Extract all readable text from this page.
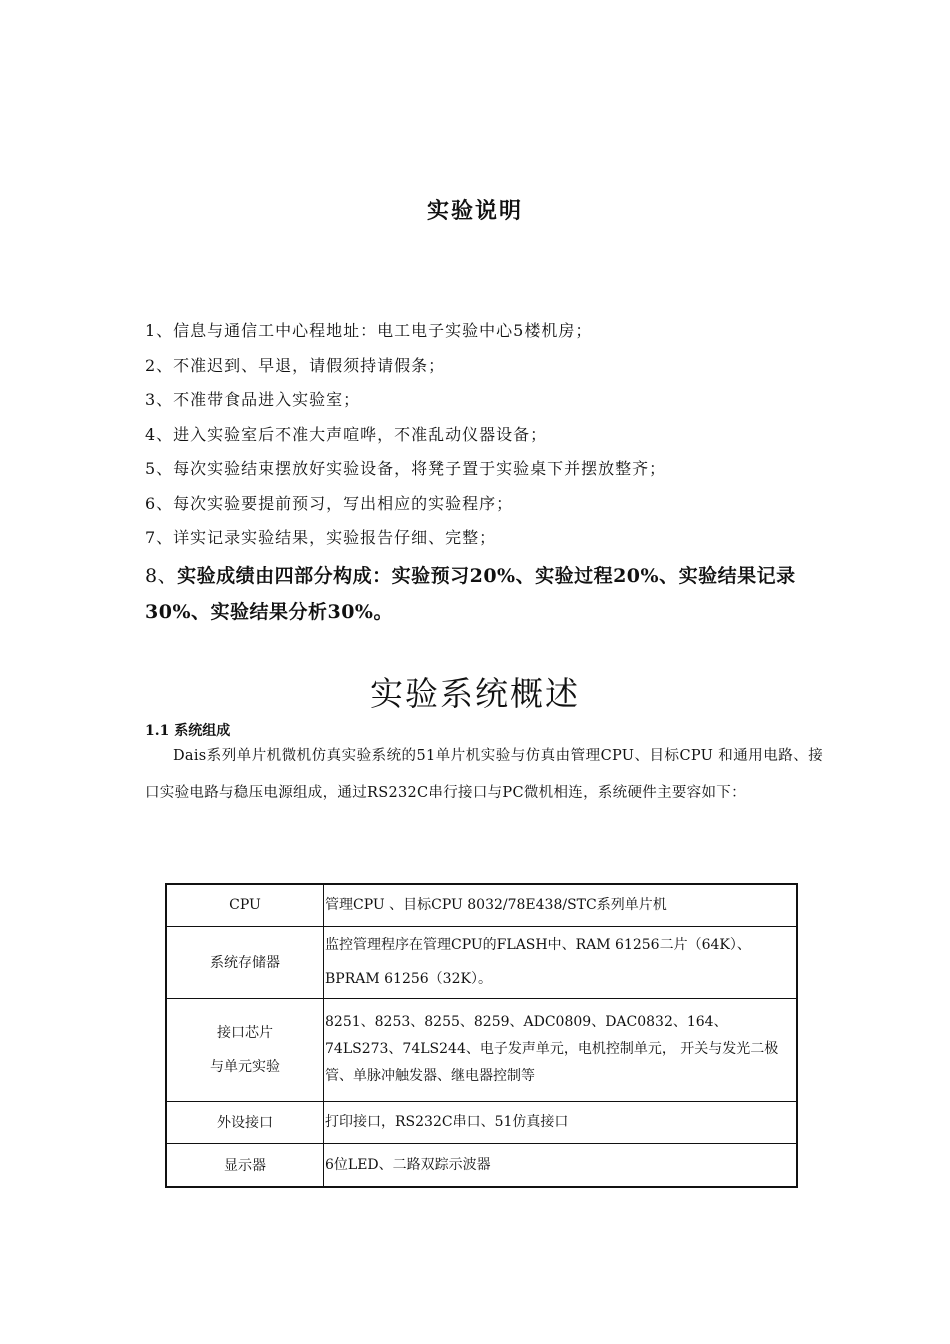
实验说明
1、信息与通信工中心程地址：电工电子实验中心5楼机房；
2、不准迟到、早退，请假须持请假条；
3、不准带食品进入实验室；
4、进入实验室后不准大声喧哗，不准乱动仪器设备；
5、每次实验结束摆放好实验设备，将凳子置于实验桌下并摆放整齐；
6、每次实验要提前预习，写出相应的实验程序；
7、详实记录实验结果，实验报告仔细、完整；
8、实验成绩由四部分构成：实验预习20%、实验过程20%、实验结果记录30%、实验结果分析30%。
实验系统概述
1.1 系统组成
Dais系列单片机微机仿真实验系统的51单片机实验与仿真由管理CPU、目标CPU 和通用电路、接口实验电路与稳压电源组成，通过RS232C串行接口与PC微机相连，系统硬件主要容如下：
CPU	管理CPU 、目标CPU 8032/78E438/STC系列单片机
系统存储器	监控管理程序在管理CPU的FLASH中、RAM 61256二片（64K）、BPRAM 61256（32K）。

接口芯片
与单元实验	8251、8253、8255、8259、ADC0809、DAC0832、164、74LS273、74LS244、电子发声单元，电机控制单元， 开关与发光二极管、单脉冲触发器、继电器控制等
外设接口	打印接口，RS232C串口、51仿真接口
显示器	6位LED、二路双踪示波器
